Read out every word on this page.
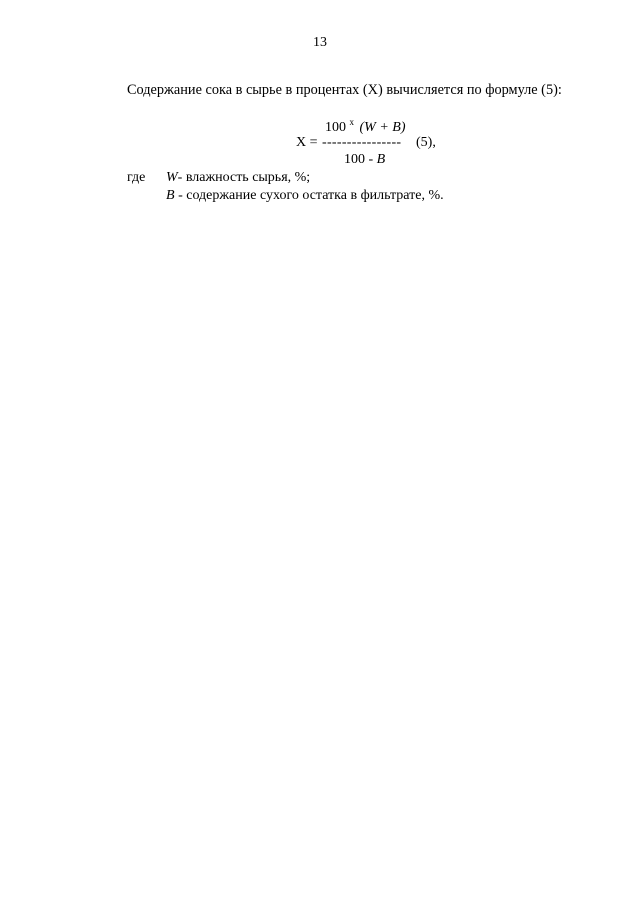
13
Содержание сока в сырье в процентах (X) вычисляется по формуле (5):
100 $^x$ (W + B)
X = ---------------- (5),
100 - B
где W- влажность сырья, %;
B - содержание сухого остатка в фильтрате, %.
